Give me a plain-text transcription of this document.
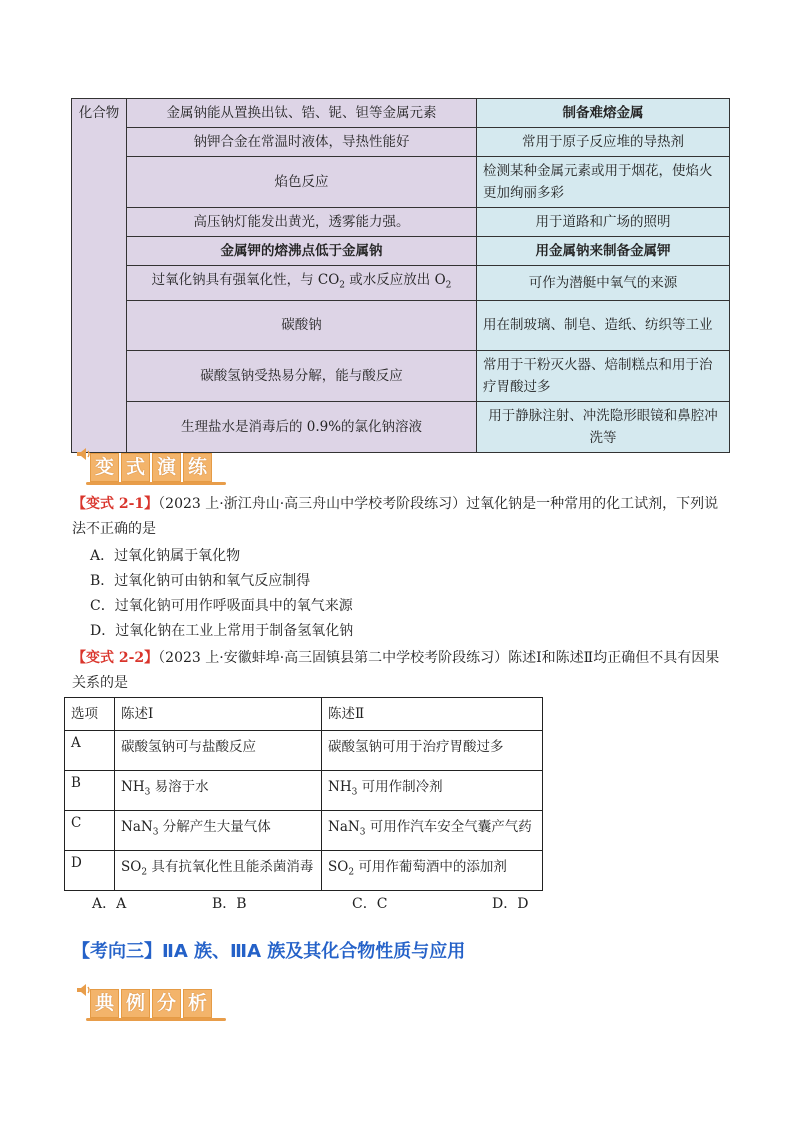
化合物	金属钠能从置换出钛、锆、铌、钽等金属元素	制备难熔金属
	钠钾合金在常温时液体，导热性能好	常用于原子反应堆的导热剂
	焰色反应	检测某种金属元素或用于烟花，使焰火更加绚丽多彩
	高压钠灯能发出黄光，透雾能力强。	用于道路和广场的照明
	金属钾的熔沸点低于金属钠	用金属钠来制备金属钾
	过氧化钠具有强氧化性，与 $CO_2$ 或水反应放出 $O_2$	可作为潜艇中氧气的来源
	碳酸钠	用在制玻璃、制皂、造纸、纺织等工业
	碳酸氢钠受热易分解，能与酸反应	常用于干粉灭火器、焙制糕点和用于治疗胃酸过多
	生理盐水是消毒后的 0.9%的氯化钠溶液	用于静脉注射、冲洗隐形眼镜和鼻腔冲洗等
变 式 演 练
【变式 2-1】（2023 上·浙江舟山·高三舟山中学校考阶段练习）过氧化钠是一种常用的化工试剂，下列说法不正确的是
A．过氧化钠属于氧化物
B．过氧化钠可由钠和氧气反应制得
C．过氧化钠可用作呼吸面具中的氧气来源
D．过氧化钠在工业上常用于制备氢氧化钠
【变式 2-2】（2023 上·安徽蚌埠·高三固镇县第二中学校考阶段练习）陈述Ⅰ和陈述Ⅱ均正确但不具有因果关系的是
选项	陈述Ⅰ	陈述Ⅱ
A	碳酸氢钠可与盐酸反应	碳酸氢钠可用于治疗胃酸过多
B	$NH_3$ 易溶于水	$NH_3$ 可用作制冷剂
C	NaN$_3$ 分解产生大量气体	NaN$_3$ 可用作汽车安全气囊产气药
D	$SO_2$ 具有抗氧化性且能杀菌消毒	$SO_2$ 可用作葡萄酒中的添加剂
A．A	B．B	C．C	D．D
【考向三】ⅡA 族、ⅢA 族及其化合物性质与应用
典 例 分 析
